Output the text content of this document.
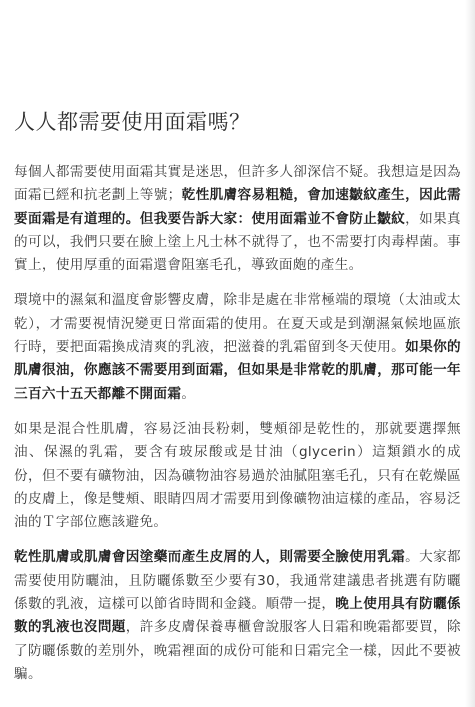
人人都需要使用面霜嗎？

每個人都需要使用面霜其實是迷思，但許多人卻深信不疑。我想這是因為面霜已經和抗老劃上等號；乾性肌膚容易粗糙，會加速皺紋產生，因此需要面霜是有道理的。但我要告訴大家：使用面霜並不會防止皺紋，如果真的可以，我們只要在臉上塗上凡士林不就得了，也不需要打肉毒桿菌。事實上，使用厚重的面霜還會阻塞毛孔，導致面皰的產生。

環境中的濕氣和溫度會影響皮膚，除非是處在非常極端的環境（太油或太乾），才需要視情況變更日常面霜的使用。在夏天或是到潮濕氣候地區旅行時，要把面霜換成清爽的乳液，把滋養的乳霜留到冬天使用。如果你的肌膚很油，你應該不需要用到面霜，但如果是非常乾的肌膚，那可能一年三百六十五天都離不開面霜。

如果是混合性肌膚，容易泛油長粉刺，雙頰卻是乾性的，那就要選擇無油、保濕的乳霜，要含有玻尿酸或是甘油（glycerin）這類鎖水的成份，但不要有礦物油，因為礦物油容易過於油膩阻塞毛孔，只有在乾燥區的皮膚上，像是雙頰、眼睛四周才需要用到像礦物油這樣的產品，容易泛油的Ｔ字部位應該避免。

乾性肌膚或肌膚會因塗藥而產生皮屑的人，則需要全臉使用乳霜。大家都需要使用防曬油，且防曬係數至少要有30，我通常建議患者挑選有防曬係數的乳液，這樣可以節省時間和金錢。順帶一提，晚上使用具有防曬係數的乳液也沒問題，許多皮膚保養專櫃會說服客人日霜和晚霜都要買，除了防曬係數的差別外，晚霜裡面的成份可能和日霜完全一樣，因此不要被騙。
